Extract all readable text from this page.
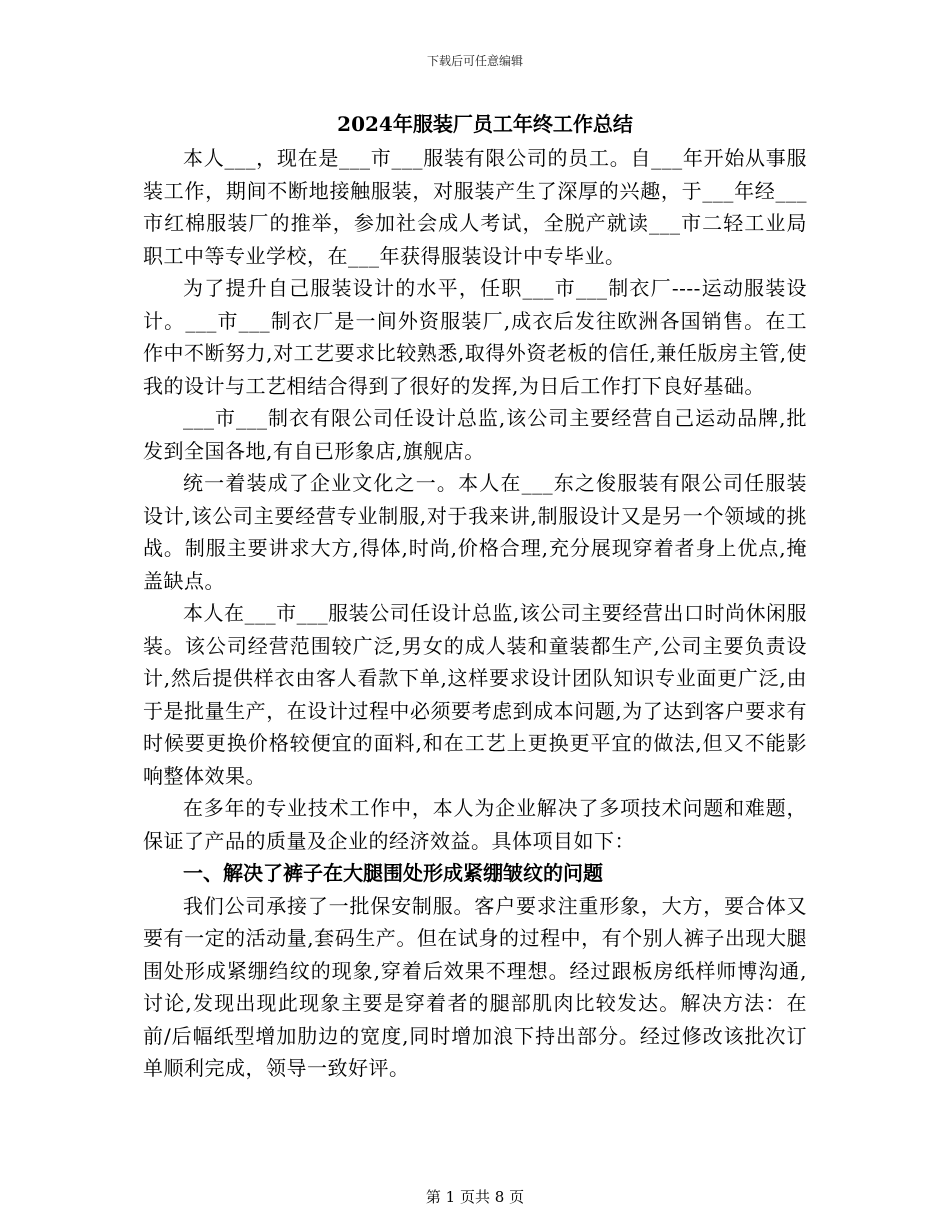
下载后可任意编辑
2024年服装厂员工年终工作总结

本人___，现在是___市___服装有限公司的员工。自___年开始从事服装工作，期间不断地接触服装，对服装产生了深厚的兴趣，于___年经___市红棉服装厂的推举，参加社会成人考试，全脱产就读___市二轻工业局职工中等专业学校，在___年获得服装设计中专毕业。

为了提升自己服装设计的水平，任职___市___制衣厂----运动服装设计。___市___制衣厂是一间外资服装厂,成衣后发往欧洲各国销售。在工作中不断努力,对工艺要求比较熟悉,取得外资老板的信任,兼任版房主管,使我的设计与工艺相结合得到了很好的发挥,为日后工作打下良好基础。

___市___制衣有限公司任设计总监,该公司主要经营自己运动品牌,批发到全国各地,有自已形象店,旗舰店。

统一着装成了企业文化之一。本人在___东之俊服装有限公司任服装设计,该公司主要经营专业制服,对于我来讲,制服设计又是另一个领域的挑战。制服主要讲求大方,得体,时尚,价格合理,充分展现穿着者身上优点,掩盖缺点。

本人在___市___服装公司任设计总监,该公司主要经营出口时尚休闲服装。该公司经营范围较广泛,男女的成人装和童装都生产,公司主要负责设计,然后提供样衣由客人看款下单,这样要求设计团队知识专业面更广泛,由于是批量生产，在设计过程中必须要考虑到成本问题,为了达到客户要求有时候要更换价格较便宜的面料,和在工艺上更换更平宜的做法,但又不能影响整体效果。

在多年的专业技术工作中，本人为企业解决了多项技术问题和难题，保证了产品的质量及企业的经济效益。具体项目如下：

一、解决了裤子在大腿围处形成紧绷皱纹的问题

我们公司承接了一批保安制服。客户要求注重形象，大方，要合体又要有一定的活动量,套码生产。但在试身的过程中，有个别人裤子出现大腿围处形成紧绷绉纹的现象,穿着后效果不理想。经过跟板房纸样师博沟通,讨论,发现出现此现象主要是穿着者的腿部肌肉比较发达。解决方法：在前/后幅纸型增加肋边的宽度,同时增加浪下持出部分。经过修改该批次订单顺利完成，领导一致好评。

第 1 页共 8 页
